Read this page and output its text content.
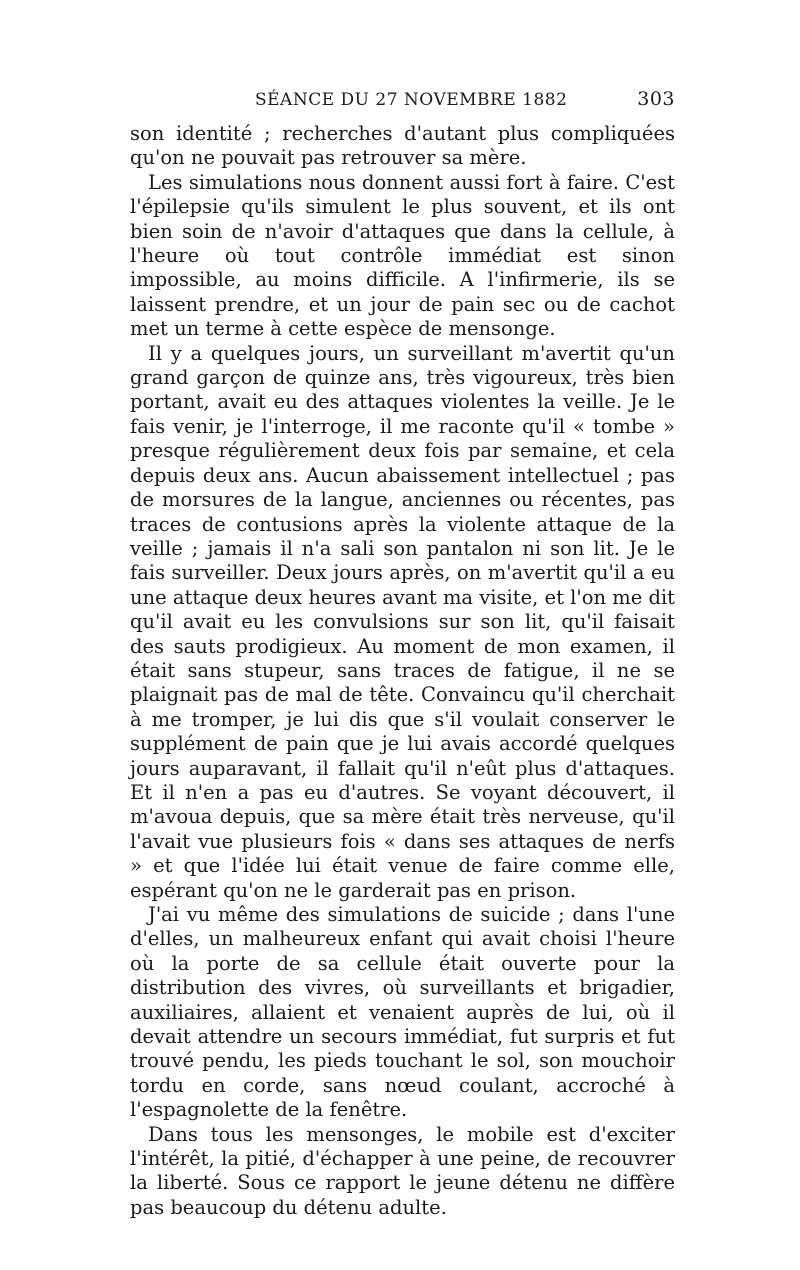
SÉANCE DU 27 NOVEMBRE 1882	303

son identité ; recherches d'autant plus compliquées qu'on ne pouvait pas retrouver sa mère.

Les simulations nous donnent aussi fort à faire. C'est l'épilepsie qu'ils simulent le plus souvent, et ils ont bien soin de n'avoir d'attaques que dans la cellule, à l'heure où tout contrôle immédiat est sinon impossible, au moins difficile. A l'infirmerie, ils se laissent prendre, et un jour de pain sec ou de cachot met un terme à cette espèce de mensonge.

Il y a quelques jours, un surveillant m'avertit qu'un grand garçon de quinze ans, très vigoureux, très bien portant, avait eu des attaques violentes la veille. Je le fais venir, je l'interroge, il me raconte qu'il « tombe » presque régulièrement deux fois par semaine, et cela depuis deux ans. Aucun abaissement intellectuel ; pas de morsures de la langue, anciennes ou récentes, pas traces de contusions après la violente attaque de la veille ; jamais il n'a sali son pantalon ni son lit. Je le fais surveiller. Deux jours après, on m'avertit qu'il a eu une attaque deux heures avant ma visite, et l'on me dit qu'il avait eu les convulsions sur son lit, qu'il faisait des sauts prodigieux. Au moment de mon examen, il était sans stupeur, sans traces de fatigue, il ne se plaignait pas de mal de tête. Convaincu qu'il cherchait à me tromper, je lui dis que s'il voulait conserver le supplément de pain que je lui avais accordé quelques jours auparavant, il fallait qu'il n'eût plus d'attaques. Et il n'en a pas eu d'autres. Se voyant découvert, il m'avoua depuis, que sa mère était très nerveuse, qu'il l'avait vue plusieurs fois « dans ses attaques de nerfs » et que l'idée lui était venue de faire comme elle, espérant qu'on ne le garderait pas en prison.

J'ai vu même des simulations de suicide ; dans l'une d'elles, un malheureux enfant qui avait choisi l'heure où la porte de sa cellule était ouverte pour la distribution des vivres, où surveillants et brigadier, auxiliaires, allaient et venaient auprès de lui, où il devait attendre un secours immédiat, fut surpris et fut trouvé pendu, les pieds touchant le sol, son mouchoir tordu en corde, sans nœud coulant, accroché à l'espagnolette de la fenêtre.

Dans tous les mensonges, le mobile est d'exciter l'intérêt, la pitié, d'échapper à une peine, de recouvrer la liberté. Sous ce rapport le jeune détenu ne diffère pas beaucoup du détenu adulte.
